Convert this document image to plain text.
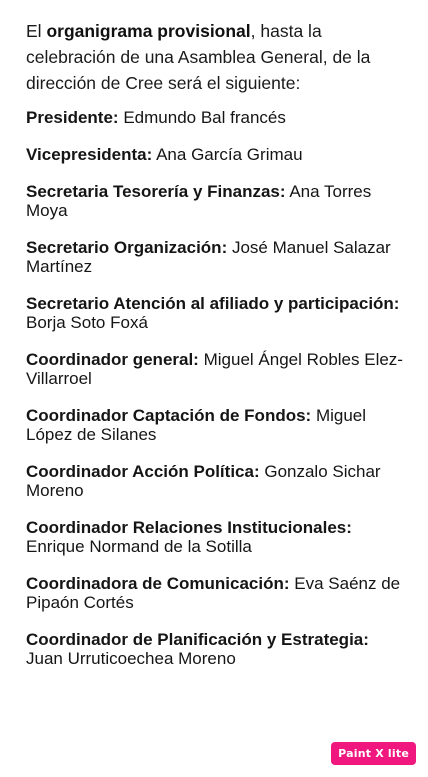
El organigrama provisional, hasta la celebración de una Asamblea General, de la dirección de Cree será el siguiente:

Presidente: Edmundo Bal francés
Vicepresidenta: Ana García Grimau
Secretaria Tesorería y Finanzas: Ana Torres Moya
Secretario Organización: José Manuel Salazar Martínez
Secretario Atención al afiliado y participación: Borja Soto Foxá
Coordinador general: Miguel Ángel Robles Elez-Villarroel
Coordinador Captación de Fondos: Miguel López de Silanes
Coordinador Acción Política: Gonzalo Sichar Moreno
Coordinador Relaciones Institucionales: Enrique Normand de la Sotilla
Coordinadora de Comunicación: Eva Saénz de Pipaón Cortés
Coordinador de Planificación y Estrategia: Juan Urruticoechea Moreno
Paint X lite
